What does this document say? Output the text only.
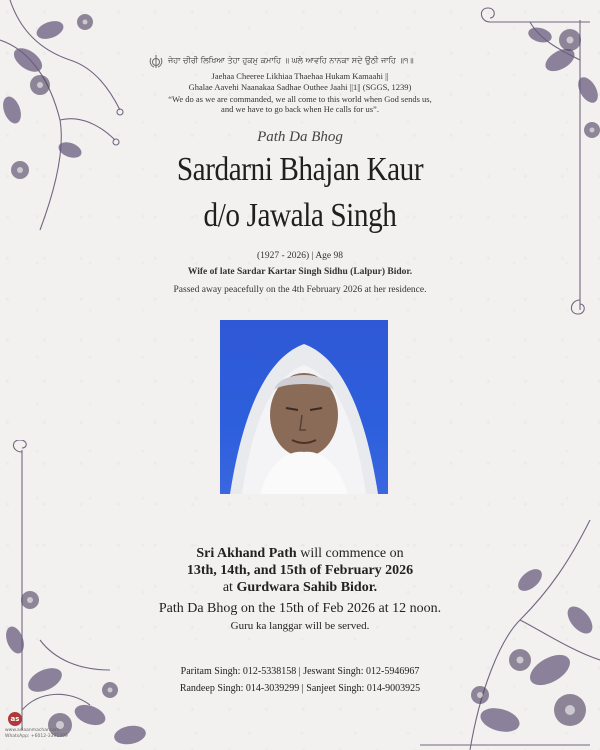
ਜੇਹਾ ਚੀਰੀ ਲਿਖਿਆ ਤੇਹਾ ਹੁਕਮੁ ਕਮਾਹਿ ॥ ਘਲੇ ਆਵਹਿ ਨਾਨਕਾ ਸਦੇ ਉਠੀ ਜਾਹਿ ॥੧॥
Jaehaa Cheeree Likhiaa Thaehaa Hukam Kamaahi ||
Ghalae Aavehi Naanakaa Sadhae Outhee Jaahi ||1|| (SGGS, 1239)
“We do as we are commanded, we all come to this world when God sends us,
and we have to go back when He calls for us”.
Path Da Bhog
Sardarni Bhajan Kaur
d/o Jawala Singh
(1927 - 2026) | Age 98
Wife of late Sardar Kartar Singh Sidhu (Lalpur) Bidor.
Passed away peacefully on the 4th February 2026 at her residence.
Sri Akhand Path will commence on
13th, 14th, and 15th of February 2026
at Gurdwara Sahib Bidor.
Path Da Bhog on the 15th of Feb 2026 at 12 noon.
Guru ka langgar will be served.
Paritam Singh: 012-5338158 | Jeswant Singh: 012-5946967
Randeep Singh: 014-3039299 | Sanjeet Singh: 014-9003925
as
www.asiaanmachar.com
WhatsApp: +6012-3391399
